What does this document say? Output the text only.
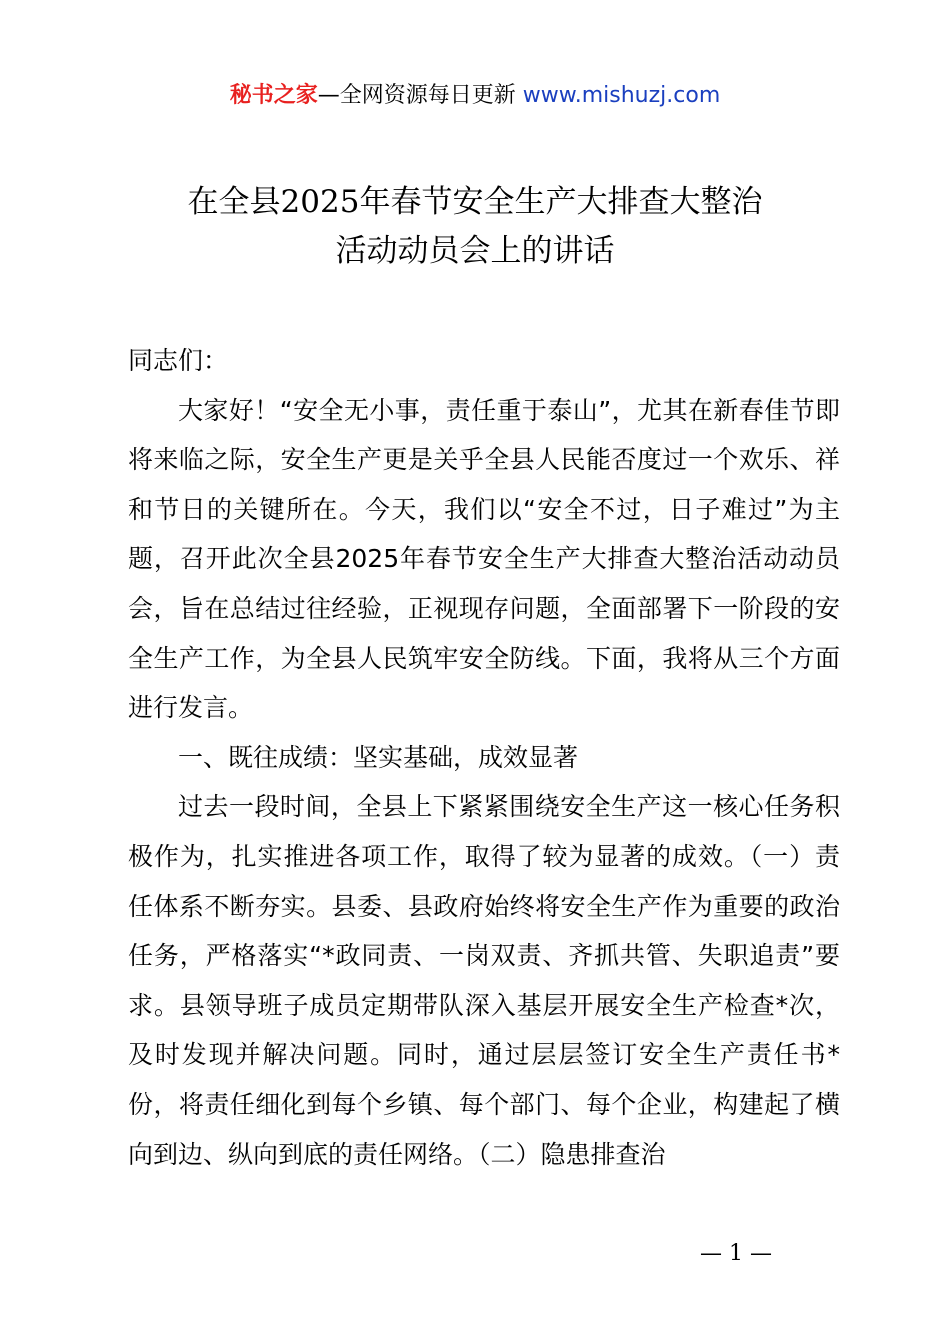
秘书之家—全网资源每日更新 www.mishuzj.com
在全县2025年春节安全生产大排查大整治
活动动员会上的讲话

同志们：

大家好！“安全无小事，责任重于泰山”，尤其在新春佳节即将来临之际，安全生产更是关乎全县人民能否度过一个欢乐、祥和节日的关键所在。今天，我们以“安全不过，日子难过”为主题，召开此次全县2025年春节安全生产大排查大整治活动动员会，旨在总结过往经验，正视现存问题，全面部署下一阶段的安全生产工作，为全县人民筑牢安全防线。下面，我将从三个方面进行发言。

一、既往成绩：坚实基础，成效显著

过去一段时间，全县上下紧紧围绕安全生产这一核心任务积极作为，扎实推进各项工作，取得了较为显著的成效。（一）责任体系不断夯实。县委、县政府始终将安全生产作为重要的政治任务，严格落实“*政同责、一岗双责、齐抓共管、失职追责”要求。县领导班子成员定期带队深入基层开展安全生产检查*次，及时发现并解决问题。同时，通过层层签订安全生产责任书*份，将责任细化到每个乡镇、每个部门、每个企业，构建起了横向到边、纵向到底的责任网络。（二）隐患排查治

— 1 —
